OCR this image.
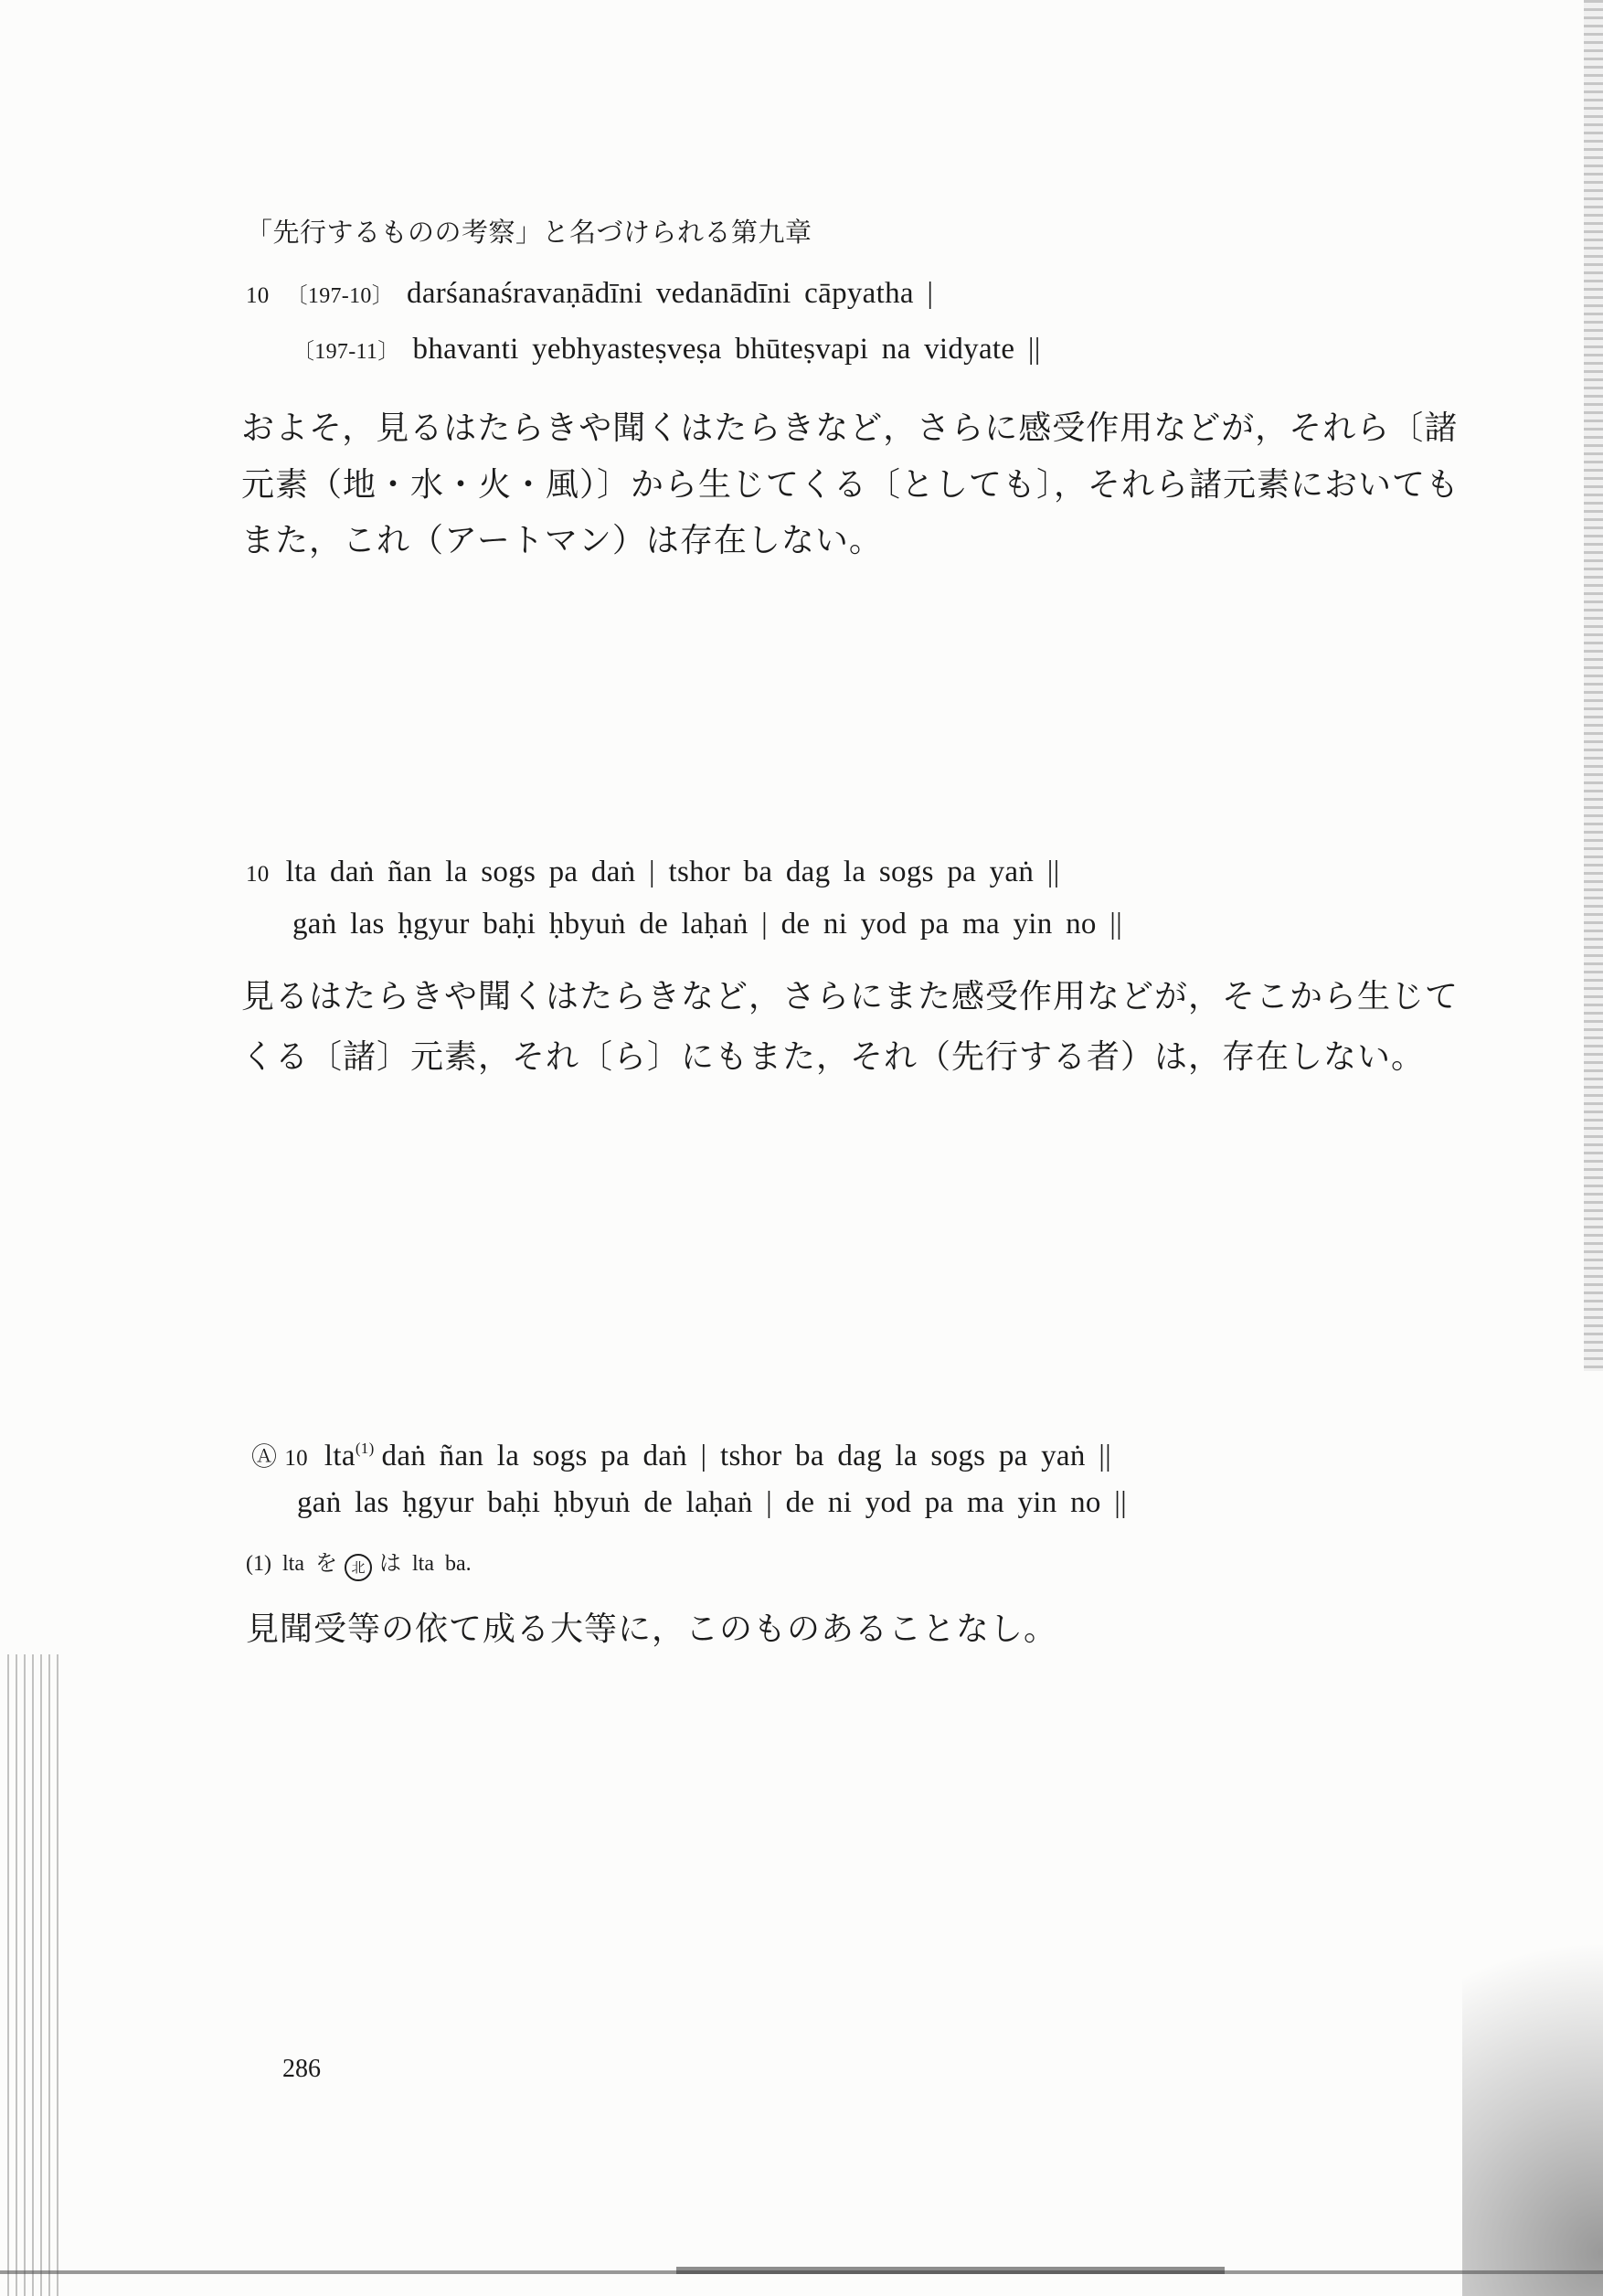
「先行するものの考察」と名づけられる第九章
10 〔197-10〕 darśanaśravaṇādīni vedanādīni cāpyatha |
〔197-11〕 bhavanti yebhyasteṣveṣa bhūteṣvapi na vidyate ||
およそ，見るはたらきや聞くはたらきなど，さらに感受作用などが，それら〔諸
元素（地・水・火・風）〕から生じてくる〔としても〕，それら諸元素においても
また，これ（アートマン）は存在しない。
10 lta daṅ ñan la sogs pa daṅ | tshor ba dag la sogs pa yaṅ ||
gaṅ las ḥgyur baḥi ḥbyuṅ de laḥaṅ | de ni yod pa ma yin no ||
見るはたらきや聞くはたらきなど，さらにまた感受作用などが，そこから生じて
くる〔諸〕元素，それ〔ら〕にもまた，それ（先行する者）は，存在しない。
Ⓐ 10 lta$^{(1)}$ daṅ ñan la sogs pa daṅ | tshor ba dag la sogs pa yaṅ ||
gaṅ las ḥgyur baḥi ḥbyuṅ de laḥaṅ | de ni yod pa ma yin no ||
(1) lta を 北 は lta ba.
見聞受等の依て成る大等に，このものあることなし。
286
